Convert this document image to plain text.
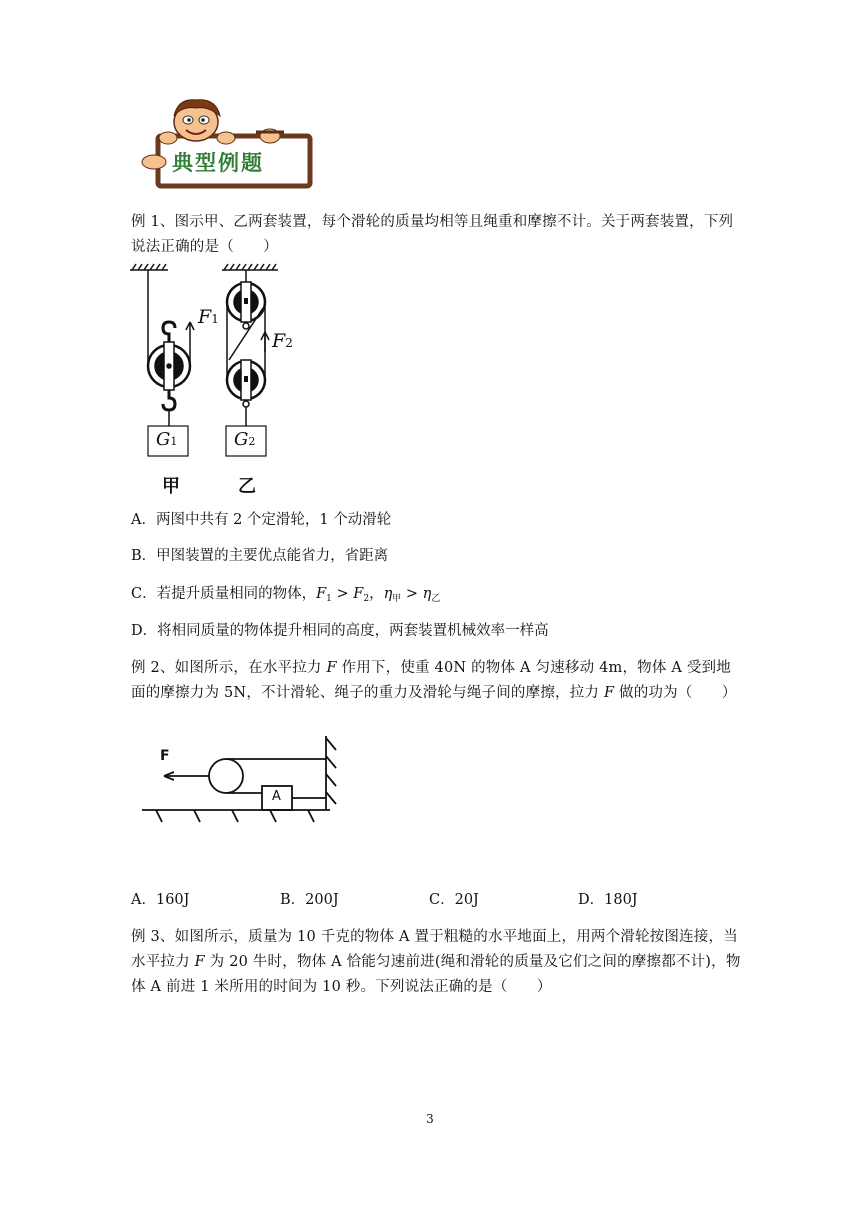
典型例题
例 1、图示甲、乙两套装置，每个滑轮的质量均相等且绳重和摩擦不计。关于两套装置，下列说法正确的是（　　）
F1
F2
G1	G2
甲	乙
A．两图中共有 2 个定滑轮，1 个动滑轮
B．甲图装置的主要优点能省力，省距离
C．若提升质量相同的物体，$F_1 > F_2$，$\eta_甲 > \eta_乙$
D．将相同质量的物体提升相同的高度，两套装置机械效率一样高
例 2、如图所示，在水平拉力 F 作用下，使重 40N 的物体 A 匀速移动 4m，物体 A 受到地面的摩擦力为 5N，不计滑轮、绳子的重力及滑轮与绳子间的摩擦，拉力 F 做的功为（　　）
F
A
A．160J	B．200J	C．20J	D．180J
例 3、如图所示，质量为 10 千克的物体 A 置于粗糙的水平地面上，用两个滑轮按图连接，当水平拉力 F 为 20 牛时，物体 A 恰能匀速前进(绳和滑轮的质量及它们之间的摩擦都不计)，物体 A 前进 1 米所用的时间为 10 秒。下列说法正确的是（　　）
3
